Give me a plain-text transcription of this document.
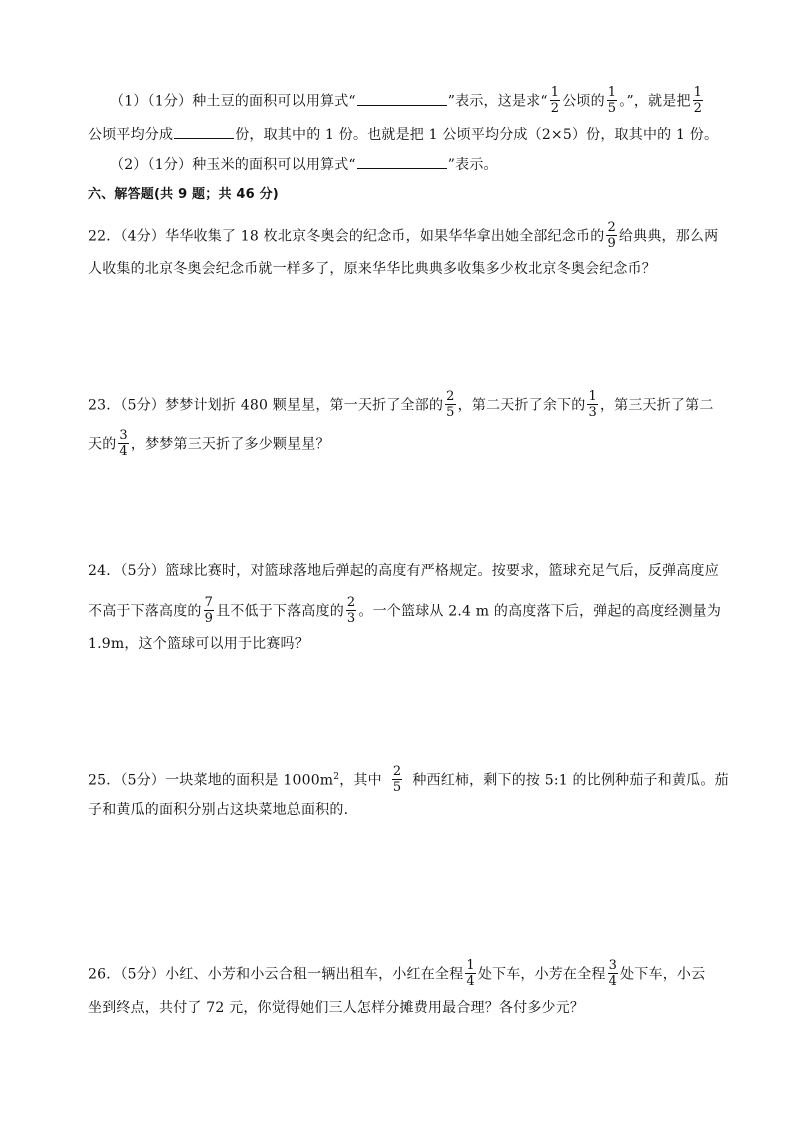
（1）（1分）种土豆的面积可以用算式“	”表示，这是求“ $\frac{1}{2}$ 公顷的 $\frac{1}{5}$ 。”，就是把 $\frac{1}{2}$
公顷平均分成	份，取其中的 1 份。也就是把 1 公顷平均分成（2×5）份，取其中的 1 份。
（2）（1分）种玉米的面积可以用算式“	”表示。
六、解答题(共 9 题；共 46 分)
22．（4分）华华收集了 18 枚北京冬奥会的纪念币，如果华华拿出她全部纪念币的 $\frac{2}{9}$ 给典典，那么两
人收集的北京冬奥会纪念币就一样多了，原来华华比典典多收集多少枚北京冬奥会纪念币？
23．（5分）梦梦计划折 480 颗星星，第一天折了全部的 $\frac{2}{5}$ ，第二天折了余下的 $\frac{1}{3}$ ，第三天折了第二
天的 $\frac{3}{4}$ ，梦梦第三天折了多少颗星星？
24．（5分）篮球比赛时，对篮球落地后弹起的高度有严格规定。按要求，篮球充足气后，反弹高度应
不高于下落高度的 $\frac{7}{9}$ 且不低于下落高度的 $\frac{2}{3}$ 。一个篮球从 2.4 m 的高度落下后，弹起的高度经测量为
1.9m，这个篮球可以用于比赛吗？
25．（5分）一块菜地的面积是 $1000m^2$，其中 $\frac{2}{5}$ 种西红柿，剩下的按 5:1 的比例种茄子和黄瓜。茄
子和黄瓜的面积分别占这块菜地总面积的.
26．（5分）小红、小芳和小云合租一辆出租车，小红在全程 $\frac{1}{4}$ 处下车，小芳在全程 $\frac{3}{4}$ 处下车，小云
坐到终点，共付了 72 元，你觉得她们三人怎样分摊费用最合理？各付多少元？
